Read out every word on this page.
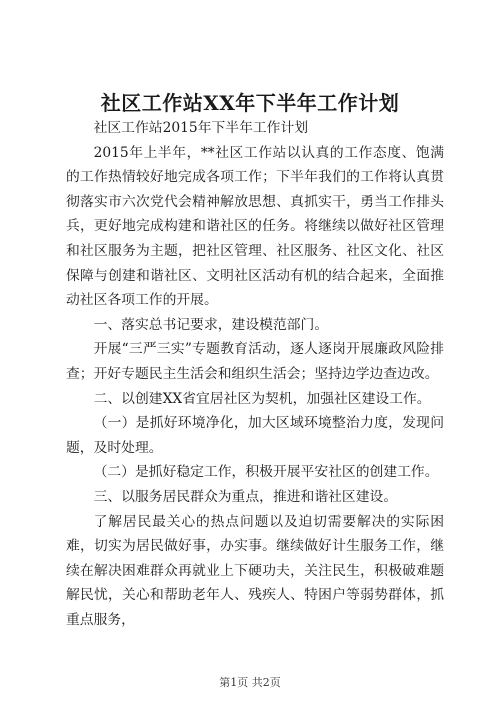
社区工作站XX年下半年工作计划

社区工作站2015年下半年工作计划

2015年上半年，**社区工作站以认真的工作态度、饱满的工作热情较好地完成各项工作；下半年我们的工作将认真贯彻落实市六次党代会精神解放思想、真抓实干，勇当工作排头兵，更好地完成构建和谐社区的任务。将继续以做好社区管理和社区服务为主题，把社区管理、社区服务、社区文化、社区保障与创建和谐社区、文明社区活动有机的结合起来，全面推动社区各项工作的开展。

一、落实总书记要求，建设模范部门。

开展“三严三实”专题教育活动，逐人逐岗开展廉政风险排查；开好专题民主生活会和组织生活会；坚持边学边查边改。

二、以创建XX省宜居社区为契机，加强社区建设工作。

（一）是抓好环境净化，加大区域环境整治力度，发现问题，及时处理。

（二）是抓好稳定工作，积极开展平安社区的创建工作。

三、以服务居民群众为重点，推进和谐社区建设。

了解居民最关心的热点问题以及迫切需要解决的实际困难，切实为居民做好事，办实事。继续做好计生服务工作，继续在解决困难群众再就业上下硬功夫，关注民生，积极破难题解民忧，关心和帮助老年人、残疾人、特困户等弱势群体，抓重点服务，

第1页 共2页
